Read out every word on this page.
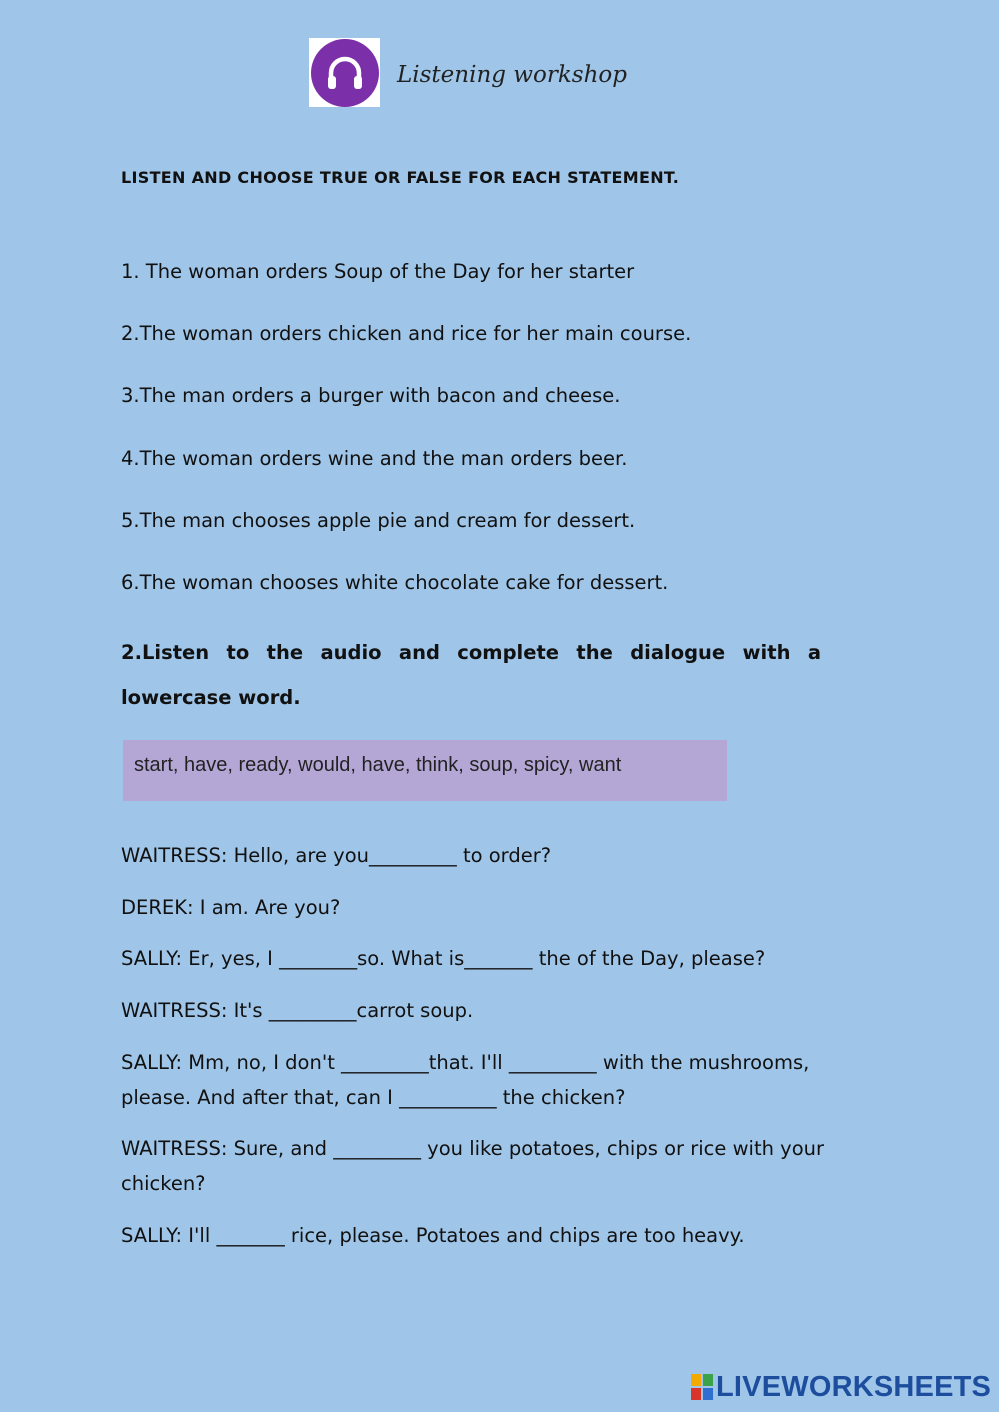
Listening workshop
LISTEN AND CHOOSE TRUE OR FALSE FOR EACH STATEMENT.
1. The woman orders Soup of the Day for her starter
2.The woman orders chicken and rice for her main course.
3.The man orders a burger with bacon and cheese.
4.The woman orders wine and the man orders beer.
5.The man chooses apple pie and cream for dessert.
6.The woman chooses white chocolate cake for dessert.
2.Listen to the audio and complete the dialogue with a lowercase word.
start, have, ready, would, have, think, soup, spicy, want
WAITRESS: Hello, are you_________ to order?
DEREK: I am. Are you?
SALLY: Er, yes, I ________so. What is_______ the of the Day, please?
WAITRESS: It's _________carrot soup.
SALLY: Mm, no, I don't _________that. I'll _________ with the mushrooms, please. And after that, can I __________ the chicken?
WAITRESS: Sure, and _________ you like potatoes, chips or rice with your chicken?
SALLY: I'll _______ rice, please. Potatoes and chips are too heavy.
LIVEWORKSHEETS
